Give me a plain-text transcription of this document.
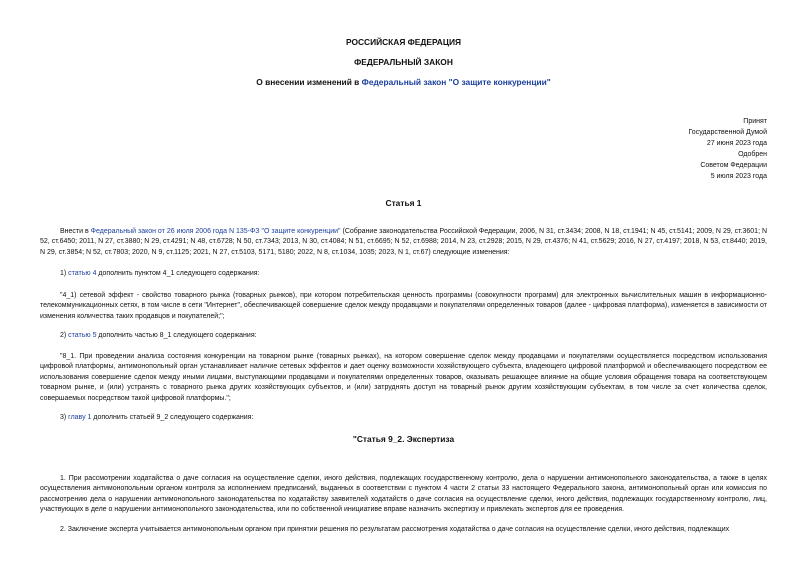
РОССИЙСКАЯ ФЕДЕРАЦИЯ
ФЕДЕРАЛЬНЫЙ ЗАКОН
О внесении изменений в Федеральный закон "О защите конкуренции"
Принят
Государственной Думой
27 июня 2023 года
Одобрен
Советом Федерации
5 июля 2023 года
Статья 1
Внести в Федеральный закон от 26 июля 2006 года N 135-ФЗ "О защите конкуренции" (Собрание законодательства Российской Федерации, 2006, N 31, ст.3434; 2008, N 18, ст.1941; N 45, ст.5141; 2009, N 29, ст.3601; N 52, ст.6450; 2011, N 27, ст.3880; N 29, ст.4291; N 48, ст.6728; N 50, ст.7343; 2013, N 30, ст.4084; N 51, ст.6695; N 52, ст.6988; 2014, N 23, ст.2928; 2015, N 29, ст.4376; N 41, ст.5629; 2016, N 27, ст.4197; 2018, N 53, ст.8440; 2019, N 29, ст.3854; N 52, ст.7803; 2020, N 9, ст.1125; 2021, N 27, ст.5103, 5171, 5180; 2022, N 8, ст.1034, 1035; 2023, N 1, ст.67) следующие изменения:
1) статью 4 дополнить пунктом 4_1 следующего содержания:
"4_1) сетевой эффект - свойство товарного рынка (товарных рынков), при котором потребительская ценность программы (совокупности программ) для электронных вычислительных машин в информационно-телекоммуникационных сетях, в том числе в сети "Интернет", обеспечивающей совершение сделок между продавцами и покупателями определенных товаров (далее - цифровая платформа), изменяется в зависимости от изменения количества таких продавцов и покупателей;";
2) статью 5 дополнить частью 8_1 следующего содержания:
"8_1. При проведении анализа состояния конкуренции на товарном рынке (товарных рынках), на котором совершение сделок между продавцами и покупателями осуществляется посредством использования цифровой платформы, антимонопольный орган устанавливает наличие сетевых эффектов и дает оценку возможности хозяйствующего субъекта, владеющего цифровой платформой и обеспечивающего посредством ее использования совершение сделок между иными лицами, выступающими продавцами и покупателями определенных товаров, оказывать решающее влияние на общие условия обращения товара на соответствующем товарном рынке, и (или) устранять с товарного рынка других хозяйствующих субъектов, и (или) затруднять доступ на товарный рынок другим хозяйствующим субъектам, в том числе за счет количества сделок, совершаемых посредством такой цифровой платформы.";
3) главу 1 дополнить статьей 9_2 следующего содержания:
"Статья 9_2. Экспертиза
1. При рассмотрении ходатайства о даче согласия на осуществление сделки, иного действия, подлежащих государственному контролю, дела о нарушении антимонопольного законодательства, а также в целях осуществления антимонопольным органом контроля за исполнением предписаний, выданных в соответствии с пунктом 4 части 2 статьи 33 настоящего Федерального закона, антимонопольный орган или комиссия по рассмотрению дела о нарушении антимонопольного законодательства по ходатайству заявителей ходатайств о даче согласия на осуществление сделки, иного действия, подлежащих государственному контролю, лиц, участвующих в деле о нарушении антимонопольного законодательства, или по собственной инициативе вправе назначить экспертизу и привлекать экспертов для ее проведения.
2. Заключение эксперта учитывается антимонопольным органом при принятии решения по результатам рассмотрения ходатайства о даче согласия на осуществление сделки, иного действия, подлежащих
